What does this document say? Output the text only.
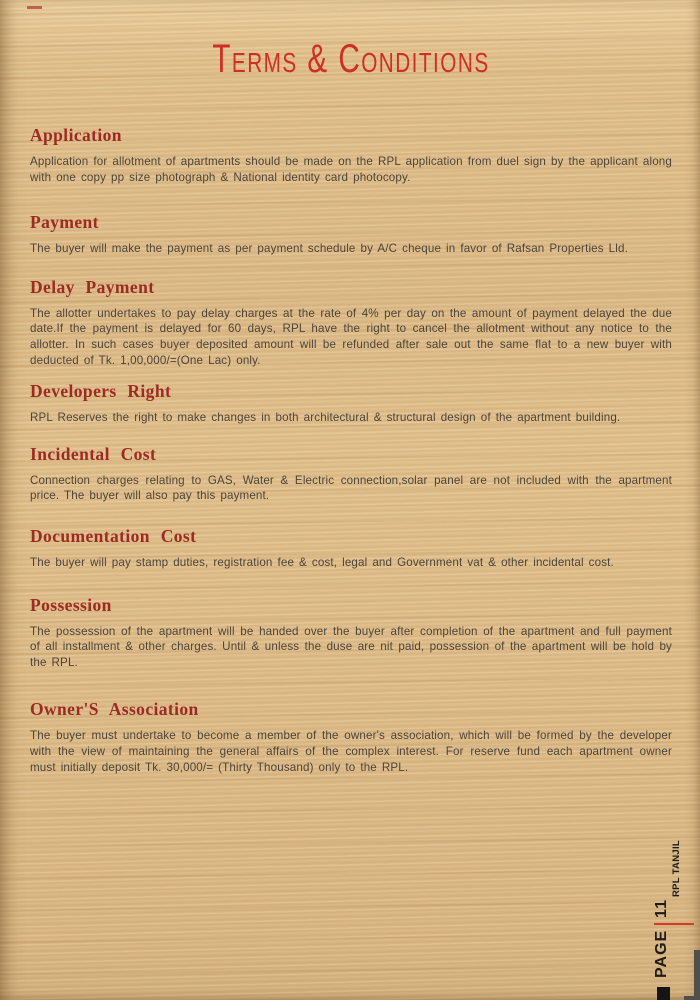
Terms & Conditions
Application

Application for allotment of apartments should be made on the RPL application from duel sign by the applicant along with one copy pp size photograph & National identity card photocopy.

Payment

The buyer will make the payment as per payment schedule by A/C cheque in favor of Rafsan Properties Lld.

Delay Payment

The allotter undertakes to pay delay charges at the rate of 4% per day on the amount of payment delayed the due date.If the payment is delayed for 60 days, RPL have the right to cancel the allotment without any notice to the allotter. In such cases buyer deposited amount will be refunded after sale out the same flat to a new buyer with deducted of Tk. 1,00,000/=(One Lac) only.

Developers Right

RPL Reserves the right to make changes in both architectural & structural design of the apartment building.

Incidental Cost

Connection charges relating to GAS, Water & Electric connection,solar panel are not included with the apartment price. The buyer will also pay this payment.

Documentation Cost

The buyer will pay stamp duties, registration fee & cost, legal and Government vat & other incidental cost.

Possession

The possession of the apartment will be handed over the buyer after completion of the apartment and full payment of all installment & other charges. Until & unless the duse are nit paid, possession of the apartment will be hold by the RPL.

Owner'S Association

The buyer must undertake to become a member of the owner's association, which will be formed by the developer with the view of maintaining the general affairs of the complex interest. For reserve fund each apartment owner must initially deposit Tk. 30,000/= (Thirty Thousand) only to the RPL.

PAGE
11
RPL TANJIL
